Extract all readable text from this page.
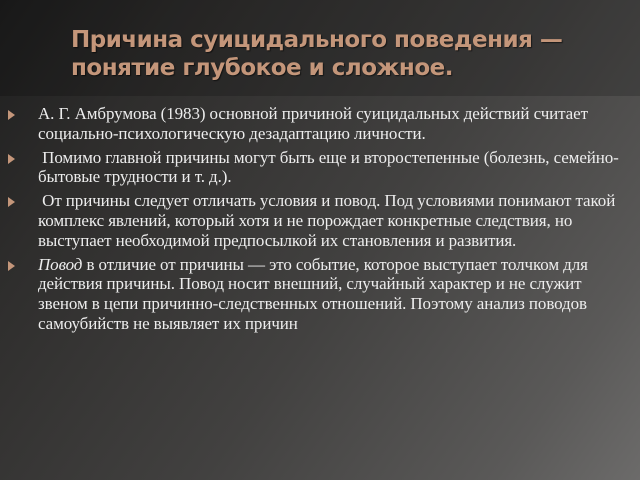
Причина суицидального поведения —
понятие глубокое и сложное.
А. Г. Амбрумова (1983) основной причиной суицидальных действий считает социально-психологическую дезадаптацию личности.
Помимо главной причины могут быть еще и второстепенные (болезнь, семейно-бытовые трудности и т. д.).
От причины следует отличать условия и повод. Под условиями понимают такой комплекс явлений, который хотя и не порождает конкретные следствия, но выступает необходимой предпосылкой их становления и развития.
Повод в отличие от причины — это событие, которое выступает толчком для действия причины. Повод носит внешний, случайный характер и не служит звеном в цепи причинно-следственных отношений. Поэтому анализ поводов самоубийств не выявляет их причин
